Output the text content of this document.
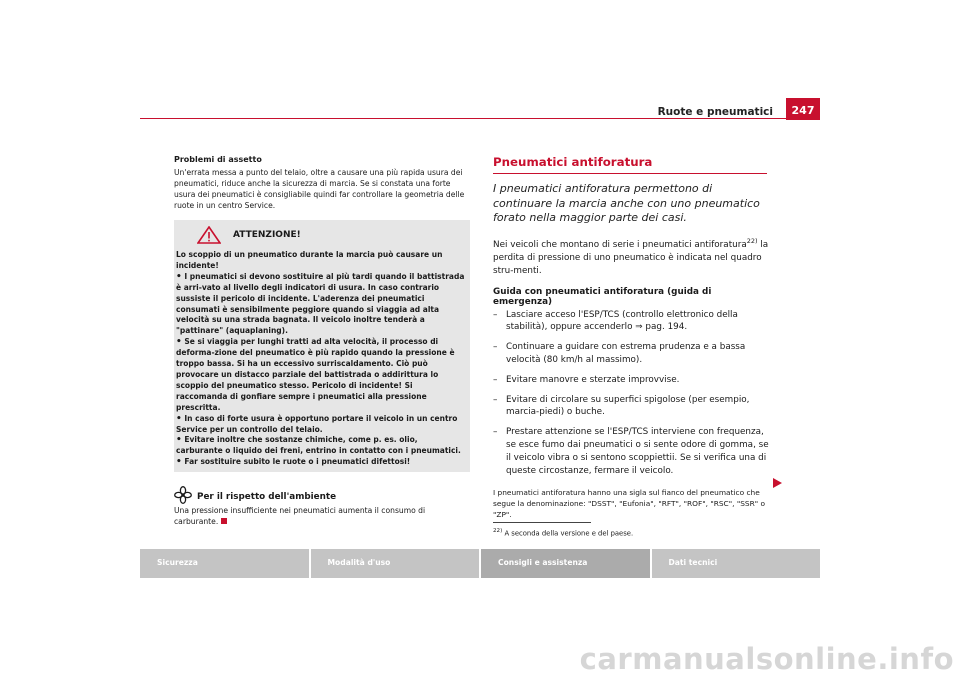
Ruote e pneumatici	247

Problemi di assetto

Un'errata messa a punto del telaio, oltre a causare una più rapida usura dei pneumatici, riduce anche la sicurezza di marcia. Se si constata una forte usura dei pneumatici è consigliabile quindi far controllare la geometria delle ruote in un centro Service.

ATTENZIONE!

Lo scoppio di un pneumatico durante la marcia può causare un incidente!

• I pneumatici si devono sostituire al più tardi quando il battistrada è arri-vato al livello degli indicatori di usura. In caso contrario sussiste il pericolo di incidente. L'aderenza dei pneumatici consumati è sensibilmente peggiore quando si viaggia ad alta velocità su una strada bagnata. Il veicolo inoltre tenderà a "pattinare" (aquaplaning).

• Se si viaggia per lunghi tratti ad alta velocità, il processo di deforma-zione del pneumatico è più rapido quando la pressione è troppo bassa. Si ha un eccessivo surriscaldamento. Ciò può provocare un distacco parziale del battistrada o addirittura lo scoppio del pneumatico stesso. Pericolo di incidente! Si raccomanda di gonfiare sempre i pneumatici alla pressione prescritta.

• In caso di forte usura è opportuno portare il veicolo in un centro Service per un controllo del telaio.

• Evitare inoltre che sostanze chimiche, come p. es. olio, carburante o liquido dei freni, entrino in contatto con i pneumatici.

• Far sostituire subito le ruote o i pneumatici difettosi!

Per il rispetto dell'ambiente

Una pressione insufficiente nei pneumatici aumenta il consumo di carburante.

Pneumatici antiforatura

I pneumatici antiforatura permettono di continuare la marcia anche con uno pneumatico forato nella maggior parte dei casi.

Nei veicoli che montano di serie i pneumatici antiforatura$^{22)}$ la perdita di pressione di uno pneumatico è indicata nel quadro stru-menti.

Guida con pneumatici antiforatura (guida di emergenza)

– Lasciare acceso l'ESP/TCS (controllo elettronico della stabilità), oppure accenderlo ⇒ pag. 194.
– Continuare a guidare con estrema prudenza e a bassa velocità (80 km/h al massimo).
– Evitare manovre e sterzate improvvise.
– Evitare di circolare su superfici spigolose (per esempio, marcia-piedi) o buche.
– Prestare attenzione se l'ESP/TCS interviene con frequenza, se esce fumo dai pneumatici o si sente odore di gomma, se il veicolo vibra o si sentono scoppiettii. Se si verifica una di queste circostanze, fermare il veicolo.

I pneumatici antiforatura hanno una sigla sul fianco del pneumatico che segue la denominazione: "DSST", "Eufonia", "RFT", "ROF", "RSC", "SSR" o "ZP".

$^{22)}$ A seconda della versione e del paese.
Sicurezza	Modalità d'uso	Consigli e assistenza	Dati tecnici
carmanualsonline.info
